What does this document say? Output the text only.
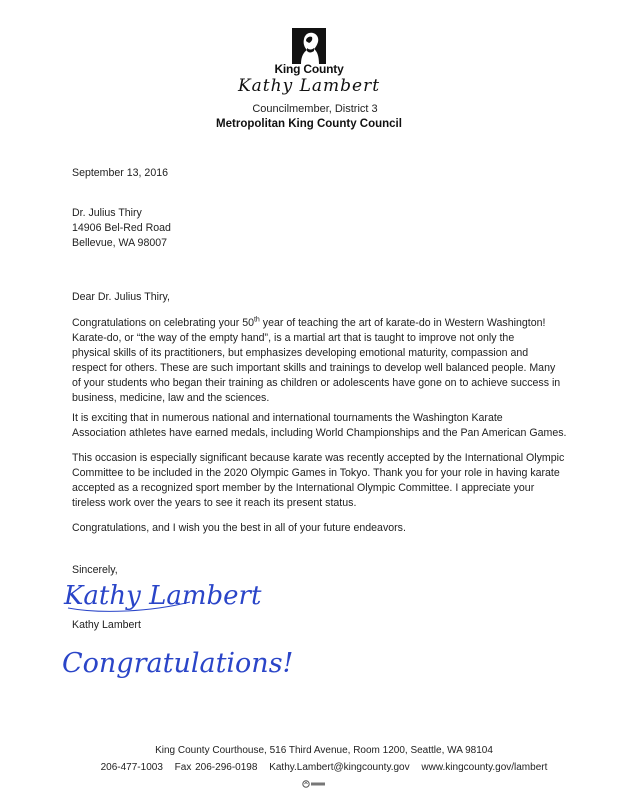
King County
Kathy Lambert
Councilmember, District 3
Metropolitan King County Council
September 13, 2016
Dr. Julius Thiry
14906 Bel-Red Road
Bellevue, WA 98007
Dear Dr. Julius Thiry,
Congratulations on celebrating your 50th year of teaching the art of karate-do in Western Washington!
Karate-do, or “the way of the empty hand”, is a martial art that is taught to improve not only the
physical skills of its practitioners, but emphasizes developing emotional maturity, compassion and
respect for others. These are such important skills and trainings to develop well balanced people. Many
of your students who began their training as children or adolescents have gone on to achieve success in
business, medicine, law and the sciences.
It is exciting that in numerous national and international tournaments the Washington Karate
Association athletes have earned medals, including World Championships and the Pan American Games.
This occasion is especially significant because karate was recently accepted by the International Olympic
Committee to be included in the 2020 Olympic Games in Tokyo. Thank you for your role in having karate
accepted as a recognized sport member by the International Olympic Committee. I appreciate your
tireless work over the years to see it reach its present status.
Congratulations, and I wish you the best in all of your future endeavors.
Sincerely,
Kathy Lambert
Kathy Lambert
Congratulations!
King County Courthouse, 516 Third Avenue, Room 1200, Seattle, WA 98104
206-477-1003 Fax 206-296-0198 Kathy.Lambert@kingcounty.gov www.kingcounty.gov/lambert
